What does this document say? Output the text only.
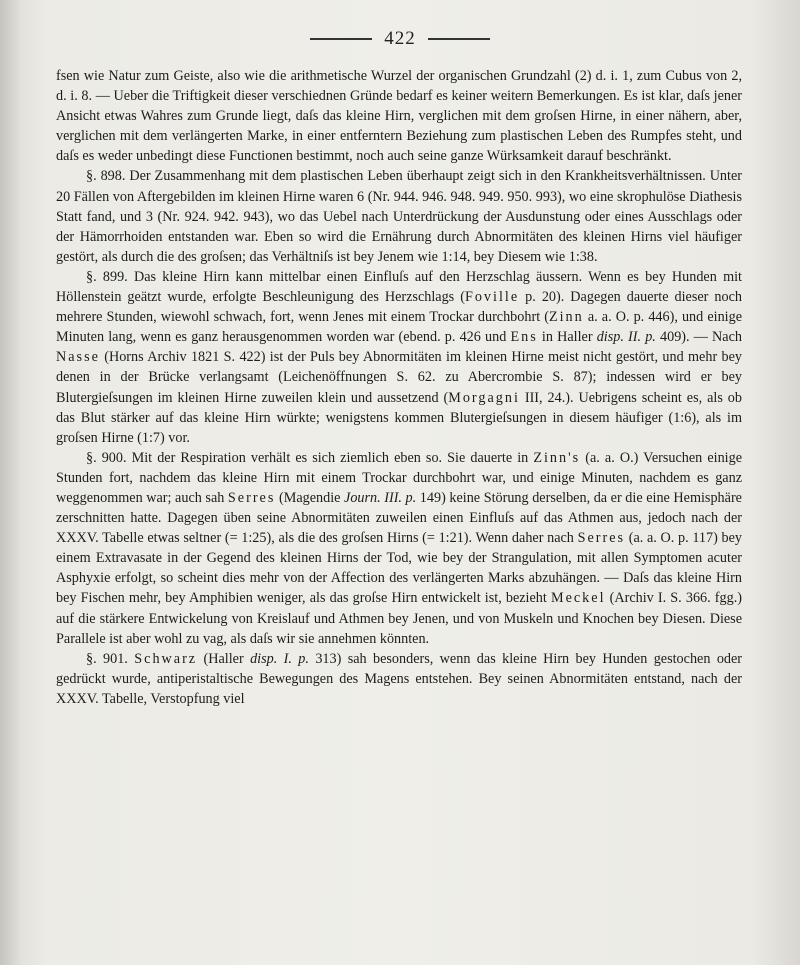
422

fsen wie Natur zum Geiste, also wie die arithmetische Wurzel der organischen Grundzahl (2) d. i. 1, zum Cubus von 2, d. i. 8. — Ueber die Triftigkeit dieser verschiednen Gründe bedarf es keiner weitern Bemerkungen. Es ist klar, daſs jener Ansicht etwas Wahres zum Grunde liegt, daſs das kleine Hirn, verglichen mit dem groſsen Hirne, in einer nähern, aber, verglichen mit dem verlängerten Marke, in einer entferntern Beziehung zum plastischen Leben des Rumpfes steht, und daſs es weder unbedingt diese Functionen bestimmt, noch auch seine ganze Würksamkeit darauf beschränkt.

§. 898. Der Zusammenhang mit dem plastischen Leben überhaupt zeigt sich in den Krankheitsverhältnissen. Unter 20 Fällen von Aftergebilden im kleinen Hirne waren 6 (Nr. 944. 946. 948. 949. 950. 993), wo eine skrophulöse Diathesis Statt fand, und 3 (Nr. 924. 942. 943), wo das Uebel nach Unterdrückung der Ausdunstung oder eines Ausschlags oder der Hämorrhoiden entstanden war. Eben so wird die Ernährung durch Abnormitäten des kleinen Hirns viel häufiger gestört, als durch die des groſsen; das Verhältniſs ist bey Jenem wie 1:14, bey Diesem wie 1:38.

§. 899. Das kleine Hirn kann mittelbar einen Einfluſs auf den Herzschlag äussern. Wenn es bey Hunden mit Höllenstein geätzt wurde, erfolgte Beschleunigung des Herzschlags (Foville p. 20). Dagegen dauerte dieser noch mehrere Stunden, wiewohl schwach, fort, wenn Jenes mit einem Trockar durchbohrt (Zinn a. a. O. p. 446), und einige Minuten lang, wenn es ganz herausgenommen worden war (ebend. p. 426 und Ens in Haller disp. II. p. 409). — Nach Nasse (Horns Archiv 1821 S. 422) ist der Puls bey Abnormitäten im kleinen Hirne meist nicht gestört, und mehr bey denen in der Brücke verlangsamt (Leichenöffnungen S. 62. zu Abercrombie S. 87); indessen wird er bey Blutergieſsungen im kleinen Hirne zuweilen klein und aussetzend (Morgagni III, 24.). Uebrigens scheint es, als ob das Blut stärker auf das kleine Hirn würkte; wenigstens kommen Blutergieſsungen in diesem häufiger (1:6), als im groſsen Hirne (1:7) vor.

§. 900. Mit der Respiration verhält es sich ziemlich eben so. Sie dauerte in Zinn's (a. a. O.) Versuchen einige Stunden fort, nachdem das kleine Hirn mit einem Trockar durchbohrt war, und einige Minuten, nachdem es ganz weggenommen war; auch sah Serres (Magendie Journ. III. p. 149) keine Störung derselben, da er die eine Hemisphäre zerschnitten hatte. Dagegen üben seine Abnormitäten zuweilen einen Einfluſs auf das Athmen aus, jedoch nach der XXXV. Tabelle etwas seltner (= 1:25), als die des groſsen Hirns (= 1:21). Wenn daher nach Serres (a. a. O. p. 117) bey einem Extravasate in der Gegend des kleinen Hirns der Tod, wie bey der Strangulation, mit allen Symptomen acuter Asphyxie erfolgt, so scheint dies mehr von der Affection des verlängerten Marks abzuhängen. — Daſs das kleine Hirn bey Fischen mehr, bey Amphibien weniger, als das groſse Hirn entwickelt ist, bezieht Meckel (Archiv I. S. 366. fgg.) auf die stärkere Entwickelung von Kreislauf und Athmen bey Jenen, und von Muskeln und Knochen bey Diesen. Diese Parallele ist aber wohl zu vag, als daſs wir sie annehmen könnten.

§. 901. Schwarz (Haller disp. I. p. 313) sah besonders, wenn das kleine Hirn bey Hunden gestochen oder gedrückt wurde, antiperistaltische Bewegungen des Magens entstehen. Bey seinen Abnormitäten entstand, nach der XXXV. Tabelle, Verstopfung viel
